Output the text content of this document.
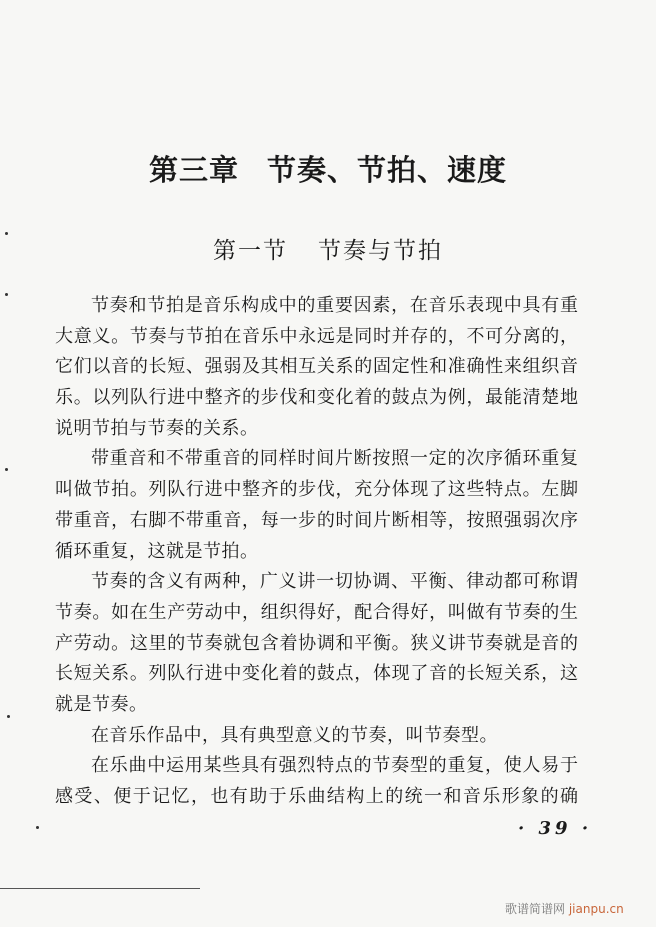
第三章 节奏、节拍、速度
第一节 节奏与节拍
节奏和节拍是音乐构成中的重要因素，在音乐表现中具有重
大意义。节奏与节拍在音乐中永远是同时并存的，不可分离的，
它们以音的长短、强弱及其相互关系的固定性和准确性来组织音
乐。以列队行进中整齐的步伐和变化着的鼓点为例，最能清楚地
说明节拍与节奏的关系。
带重音和不带重音的同样时间片断按照一定的次序循环重复
叫做节拍。列队行进中整齐的步伐，充分体现了这些特点。左脚
带重音，右脚不带重音，每一步的时间片断相等，按照强弱次序
循环重复，这就是节拍。
节奏的含义有两种，广义讲一切协调、平衡、律动都可称谓
节奏。如在生产劳动中，组织得好，配合得好，叫做有节奏的生
产劳动。这里的节奏就包含着协调和平衡。狭义讲节奏就是音的
长短关系。列队行进中变化着的鼓点，体现了音的长短关系，这
就是节奏。
在音乐作品中，具有典型意义的节奏，叫节奏型。
在乐曲中运用某些具有强烈特点的节奏型的重复，使人易于
感受、便于记忆，也有助于乐曲结构上的统一和音乐形象的确
· 39 ·
歌谱简谱网 jianpu.cn
